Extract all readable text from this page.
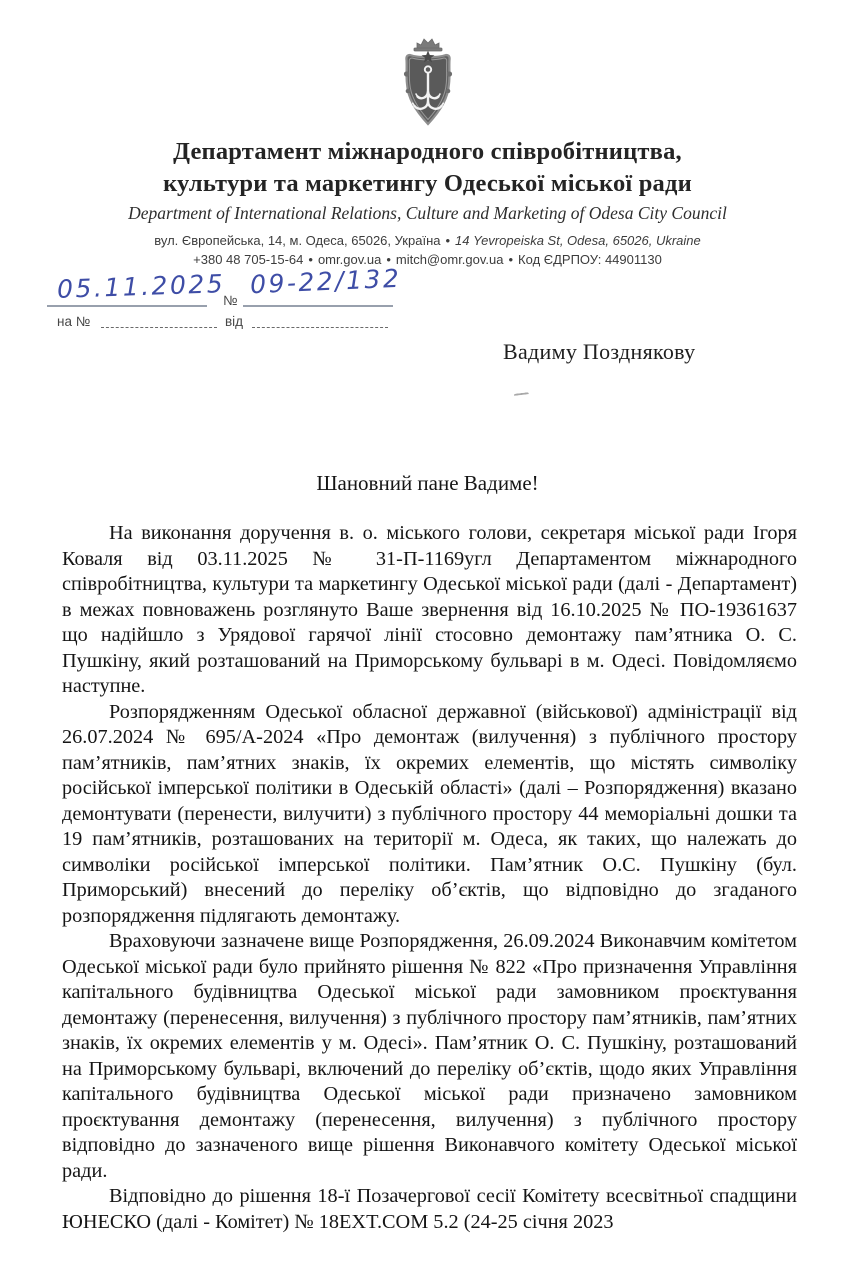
Департамент міжнародного співробітництва,
культури та маркетингу Одеської міської ради
Department of International Relations, Culture and Marketing of Odesa City Council
вул. Європейська, 14, м. Одеса, 65026, Україна • 14 Yevropeiska St, Odesa, 65026, Ukraine
+380 48 705-15-64 • omr.gov.ua • mitch@omr.gov.ua • Код ЄДРПОУ: 44901130
05.11.2025
№
09-22/132
на №	від
Вадиму Позднякову
Шановний пане Вадиме!

На виконання доручення в. о. міського голови, секретаря міської ради Ігоря Коваля від 03.11.2025 № 31-П-1169угл Департаментом міжнародного співробітництва, культури та маркетингу Одеської міської ради (далі - Департамент) в межах повноважень розглянуто Ваше звернення від 16.10.2025 № ПО-19361637 що надійшло з Урядової гарячої лінії стосовно демонтажу пам’ятника О. С. Пушкіну, який розташований на Приморському бульварі в м. Одесі. Повідомляємо наступне.

Розпорядженням Одеської обласної державної (військової) адміністрації від 26.07.2024 № 695/А-2024 «Про демонтаж (вилучення) з публічного простору пам’ятників, пам’ятних знаків, їх окремих елементів, що містять символіку російської імперської політики в Одеській області» (далі – Розпорядження) вказано демонтувати (перенести, вилучити) з публічного простору 44 меморіальні дошки та 19 пам’ятників, розташованих на території м. Одеса, як таких, що належать до символіки російської імперської політики. Пам’ятник О.С. Пушкіну (бул. Приморський) внесений до переліку об’єктів, що відповідно до згаданого розпорядження підлягають демонтажу.

Враховуючи зазначене вище Розпорядження, 26.09.2024 Виконавчим комітетом Одеської міської ради було прийнято рішення № 822 «Про призначення Управління капітального будівництва Одеської міської ради замовником проєктування демонтажу (перенесення, вилучення) з публічного простору пам’ятників, пам’ятних знаків, їх окремих елементів у м. Одесі». Пам’ятник О. С. Пушкіну, розташований на Приморському бульварі, включений до переліку об’єктів, щодо яких Управління капітального будівництва Одеської міської ради призначено замовником проєктування демонтажу (перенесення, вилучення) з публічного простору відповідно до зазначеного вище рішення Виконавчого комітету Одеської міської ради.

Відповідно до рішення 18-ї Позачергової сесії Комітету всесвітньої спадщини ЮНЕСКО (далі - Комітет) № 18EXT.COM 5.2 (24-25 січня 2023
